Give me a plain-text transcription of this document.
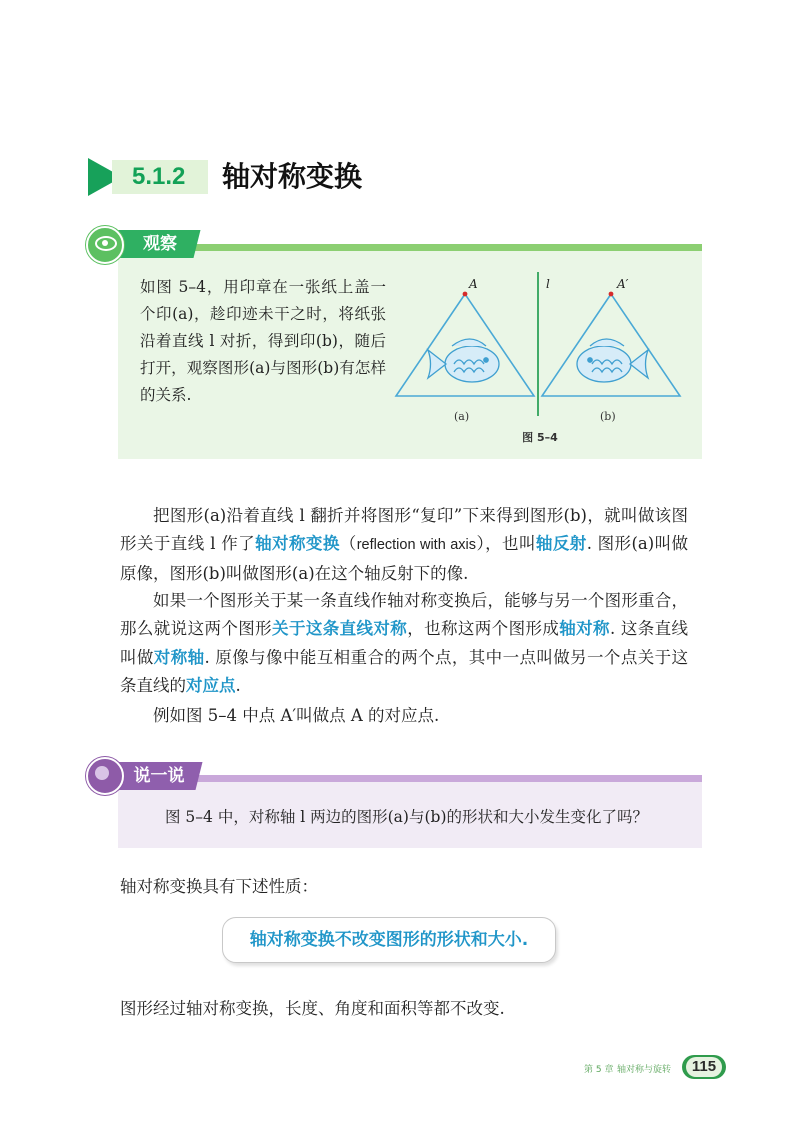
5.1.2	轴对称变换
观察
如图 5–4，用印章在一张纸上盖一个印(a)，趁印迹未干之时，将纸张沿着直线 l 对折，得到印(b)，随后打开，观察图形(a)与图形(b)有怎样的关系.
A	l	A′
(a)	(b)
图 5–4
把图形(a)沿着直线 l 翻折并将图形“复印”下来得到图形(b)，就叫做该图形关于直线 l 作了轴对称变换（reflection with axis），也叫轴反射. 图形(a)叫做原像，图形(b)叫做图形(a)在这个轴反射下的像.
如果一个图形关于某一条直线作轴对称变换后，能够与另一个图形重合，那么就说这两个图形关于这条直线对称，也称这两个图形成轴对称. 这条直线叫做对称轴. 原像与像中能互相重合的两个点，其中一点叫做另一个点关于这条直线的对应点.
例如图 5–4 中点 A′叫做点 A 的对应点.
说一说
图 5–4 中，对称轴 l 两边的图形(a)与(b)的形状和大小发生变化了吗？
轴对称变换具有下述性质：
轴对称变换不改变图形的形状和大小.
图形经过轴对称变换，长度、角度和面积等都不改变.
第 5 章 轴对称与旋转	115
